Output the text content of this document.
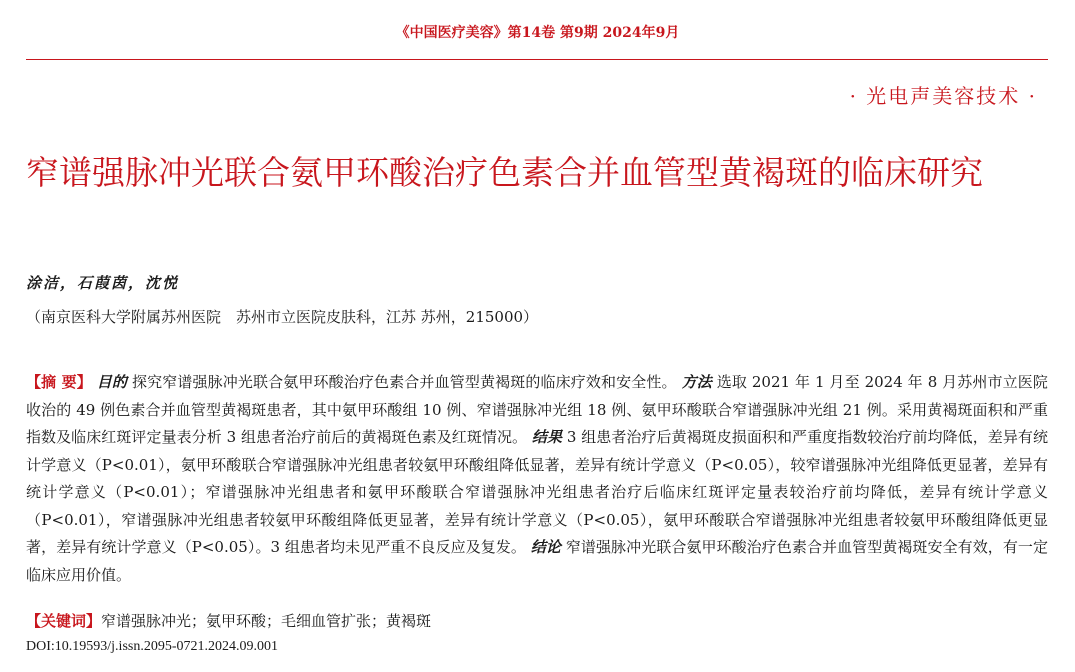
《中国医疗美容》第14卷 第9期 2024年9月
· 光电声美容技术 ·
窄谱强脉冲光联合氨甲环酸治疗色素合并血管型黄褐斑的临床研究
涂洁，石葭茵，沈悦
（南京医科大学附属苏州医院　苏州市立医院皮肤科，江苏 苏州，215000）
【摘 要】 目的 探究窄谱强脉冲光联合氨甲环酸治疗色素合并血管型黄褐斑的临床疗效和安全性。 方法 选取 2021 年 1 月至 2024 年 8 月苏州市立医院收治的 49 例色素合并血管型黄褐斑患者，其中氨甲环酸组 10 例、窄谱强脉冲光组 18 例、氨甲环酸联合窄谱强脉冲光组 21 例。采用黄褐斑面积和严重指数及临床红斑评定量表分析 3 组患者治疗前后的黄褐斑色素及红斑情况。 结果 3 组患者治疗后黄褐斑皮损面积和严重度指数较治疗前均降低，差异有统计学意义（P<0.01），氨甲环酸联合窄谱强脉冲光组患者较氨甲环酸组降低显著，差异有统计学意义（P<0.05），较窄谱强脉冲光组降低更显著，差异有统计学意义（P<0.01）；窄谱强脉冲光组患者和氨甲环酸联合窄谱强脉冲光组患者治疗后临床红斑评定量表较治疗前均降低，差异有统计学意义（P<0.01），窄谱强脉冲光组患者较氨甲环酸组降低更显著，差异有统计学意义（P<0.05），氨甲环酸联合窄谱强脉冲光组患者较氨甲环酸组降低更显著，差异有统计学意义（P<0.05）。3 组患者均未见严重不良反应及复发。 结论 窄谱强脉冲光联合氨甲环酸治疗色素合并血管型黄褐斑安全有效，有一定临床应用价值。
【关键词】窄谱强脉冲光；氨甲环酸；毛细血管扩张；黄褐斑
DOI:10.19593/j.issn.2095-0721.2024.09.001
